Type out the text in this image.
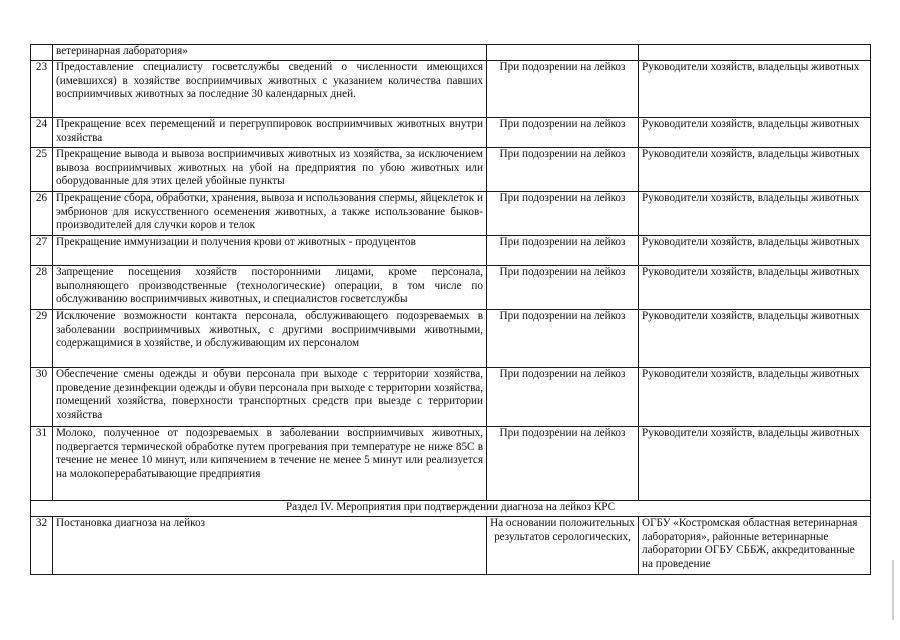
	ветеринарная лаборатория»		
23	Предоставление специалисту госветслужбы сведений о численности имеющихся (имевшихся) в хозяйстве восприимчивых животных с указанием количества павших восприимчивых животных за последние 30 календарных дней.	При подозрении на лейкоз	Руководители хозяйств, владельцы животных
24	Прекращение всех перемещений и перегруппировок восприимчивых животных внутри хозяйства	При подозрении на лейкоз	Руководители хозяйств, владельцы животных
25	Прекращение вывода и вывоза восприимчивых животных из хозяйства, за исключением вывоза восприимчивых животных на убой на предприятия по убою животных или оборудованные для этих целей убойные пункты	При подозрении на лейкоз	Руководители хозяйств, владельцы животных
26	Прекращение сбора, обработки, хранения, вывоза и использования спермы, яйцеклеток и эмбрионов для искусственного осеменения животных, а также использование быков-производителей для случки коров и телок	При подозрении на лейкоз	Руководители хозяйств, владельцы животных
27	Прекращение иммунизации и получения крови от животных - продуцентов	При подозрении на лейкоз	Руководители хозяйств, владельцы животных
28	Запрещение посещения хозяйств посторонними лицами, кроме персонала, выполняющего производственные (технологические) операции, в том числе по обслуживанию восприимчивых животных, и специалистов госветслужбы	При подозрении на лейкоз	Руководители хозяйств, владельцы животных
29	Исключение возможности контакта персонала, обслуживающего подозреваемых в заболевании восприимчивых животных, с другими восприимчивыми животными, содержащимися в хозяйстве, и обслуживающим их персоналом	При подозрении на лейкоз	Руководители хозяйств, владельцы животных
30	Обеспечение смены одежды и обуви персонала при выходе с территории хозяйства, проведение дезинфекции одежды и обуви персонала при выходе с территории хозяйства, помещений хозяйства, поверхности транспортных средств при выезде с территории хозяйства	При подозрении на лейкоз	Руководители хозяйств, владельцы животных
31	Молоко, полученное от подозреваемых в заболевании восприимчивых животных, подвергается термической обработке путем прогревания при температуре не ниже 85С в течение не менее 10 минут, или кипячением в течение не менее 5 минут или реализуется на молокоперерабатывающие предприятия	При подозрении на лейкоз	Руководители хозяйств, владельцы животных
Раздел IV. Мероприятия при подтверждении диагноза на лейкоз КРС			
32	Постановка диагноза на лейкоз	На основании положительных результатов серологических,	ОГБУ «Костромская областная ветеринарная лаборатория», районные ветеринарные лаборатории ОГБУ СББЖ, аккредитованные на проведение
